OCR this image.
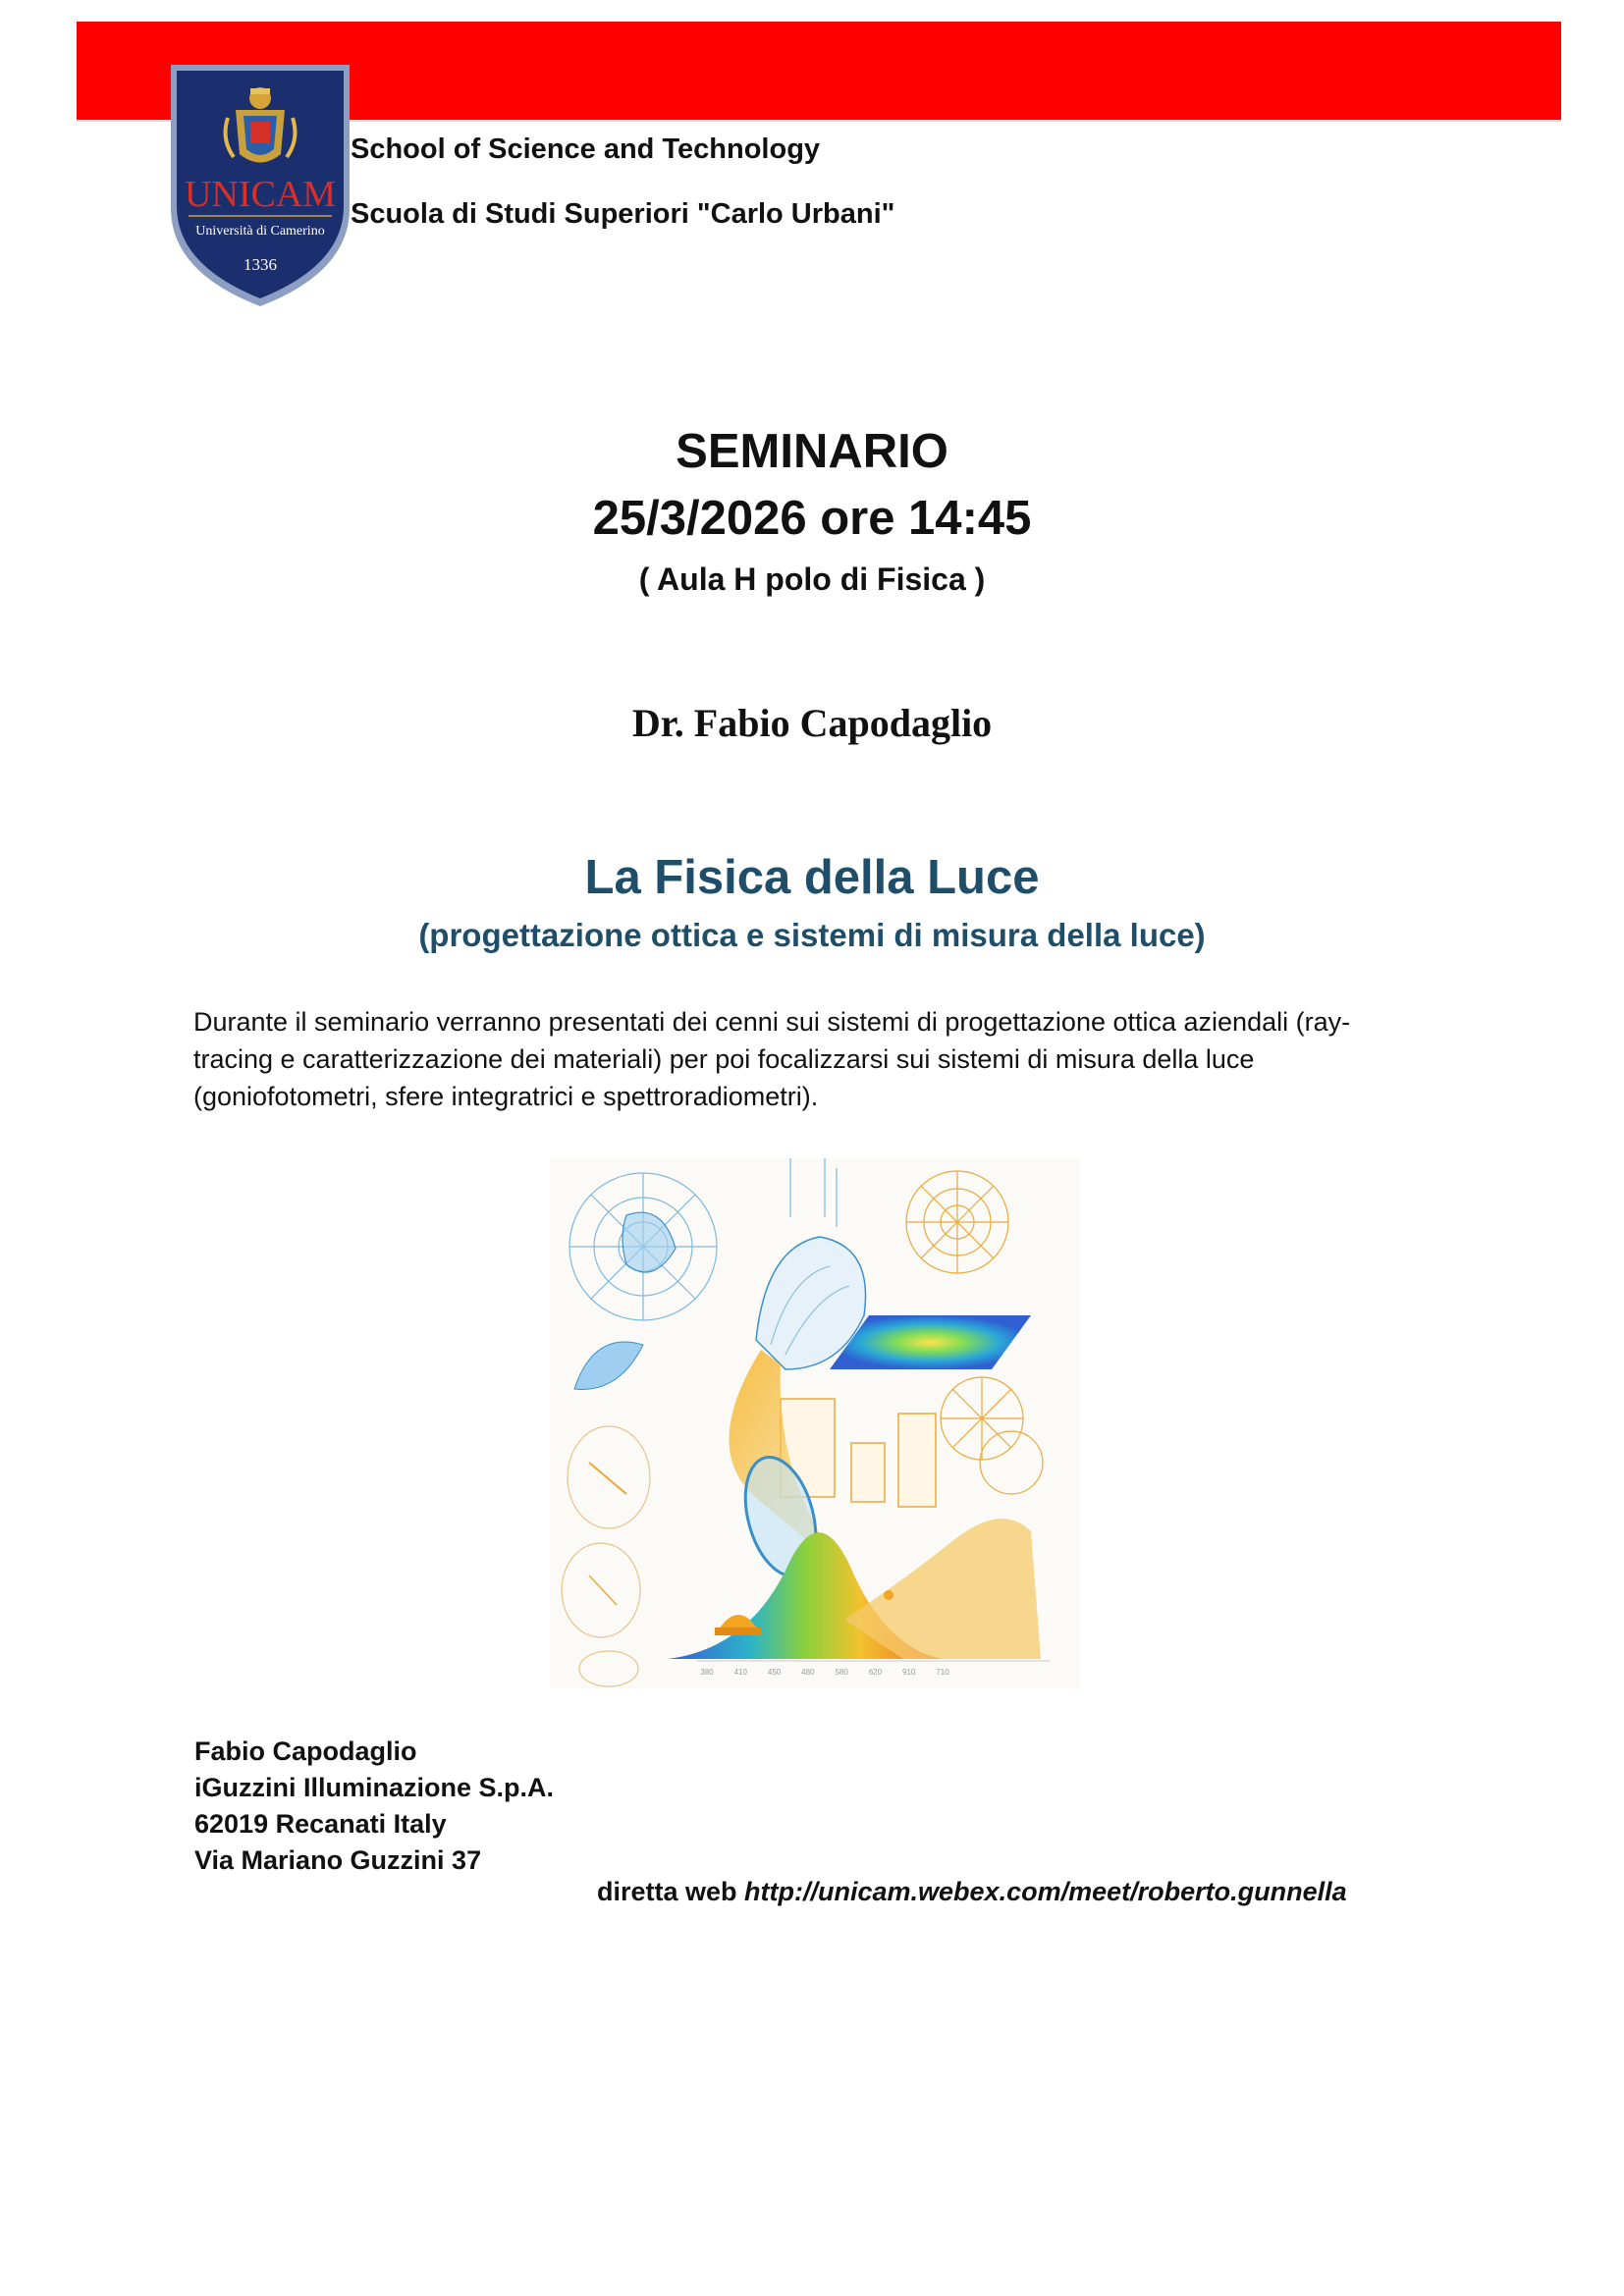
UNICAM
Università di Camerino
1336
School of Science and Technology
Scuola di Studi Superiori "Carlo Urbani"
SEMINARIO
25/3/2026 ore 14:45
( Aula H polo di Fisica )
Dr. Fabio Capodaglio
La Fisica della Luce
(progettazione ottica e sistemi di misura della luce)
Durante il seminario verranno presentati dei cenni sui sistemi di progettazione ottica aziendali (ray-tracing e caratterizzazione dei materiali) per poi focalizzarsi sui sistemi di misura della luce (goniofotometri, sfere integratrici e spettroradiometri).
380	410	450	480	580	620	910	710
Fabio Capodaglio
iGuzzini Illuminazione S.p.A.
62019 Recanati Italy
Via Mariano Guzzini 37
diretta web http://unicam.webex.com/meet/roberto.gunnella
